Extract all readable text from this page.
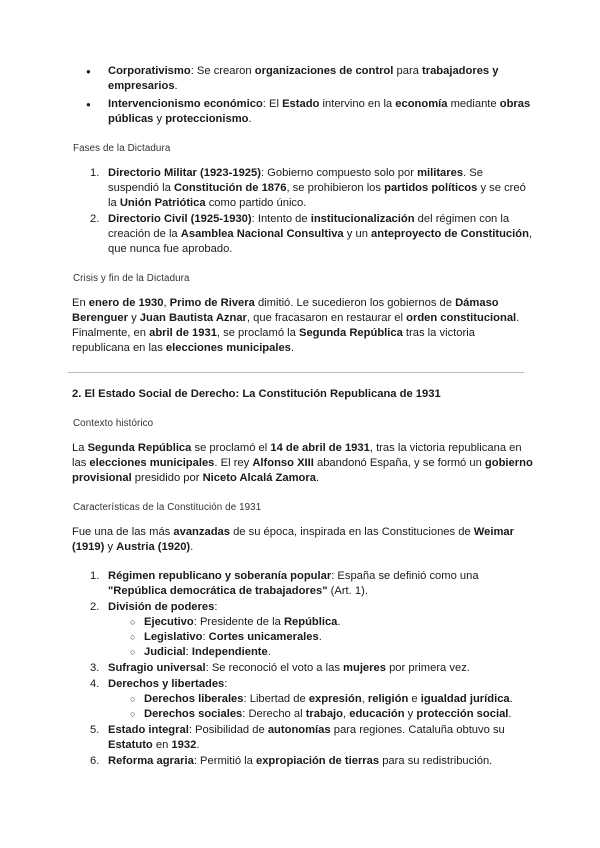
● Corporativismo: Se crearon organizaciones de control para trabajadores y empresarios.
● Intervencionismo económico: El Estado intervino en la economía mediante obras públicas y proteccionismo.
Fases de la Dictadura
1. Directorio Militar (1923-1925): Gobierno compuesto solo por militares. Se suspendió la Constitución de 1876, se prohibieron los partidos políticos y se creó la Unión Patriótica como partido único.
2. Directorio Civil (1925-1930): Intento de institucionalización del régimen con la creación de la Asamblea Nacional Consultiva y un anteproyecto de Constitución, que nunca fue aprobado.
Crisis y fin de la Dictadura

En enero de 1930, Primo de Rivera dimitió. Le sucedieron los gobiernos de Dámaso Berenguer y Juan Bautista Aznar, que fracasaron en restaurar el orden constitucional. Finalmente, en abril de 1931, se proclamó la Segunda República tras la victoria republicana en las elecciones municipales.

2. El Estado Social de Derecho: La Constitución Republicana de 1931
Contexto histórico

La Segunda República se proclamó el 14 de abril de 1931, tras la victoria republicana en las elecciones municipales. El rey Alfonso XIII abandonó España, y se formó un gobierno provisional presidido por Niceto Alcalá Zamora.

Características de la Constitución de 1931

Fue una de las más avanzadas de su época, inspirada en las Constituciones de Weimar (1919) y Austria (1920).

1. Régimen republicano y soberanía popular: España se definió como una "República democrática de trabajadores" (Art. 1).
2. División de poderes:
○ Ejecutivo: Presidente de la República.
○ Legislativo: Cortes unicamerales.
○ Judicial: Independiente.
3. Sufragio universal: Se reconoció el voto a las mujeres por primera vez.
4. Derechos y libertades:
○ Derechos liberales: Libertad de expresión, religión e igualdad jurídica.
○ Derechos sociales: Derecho al trabajo, educación y protección social.
5. Estado integral: Posibilidad de autonomías para regiones. Cataluña obtuvo su Estatuto en 1932.
6. Reforma agraria: Permitió la expropiación de tierras para su redistribución.
